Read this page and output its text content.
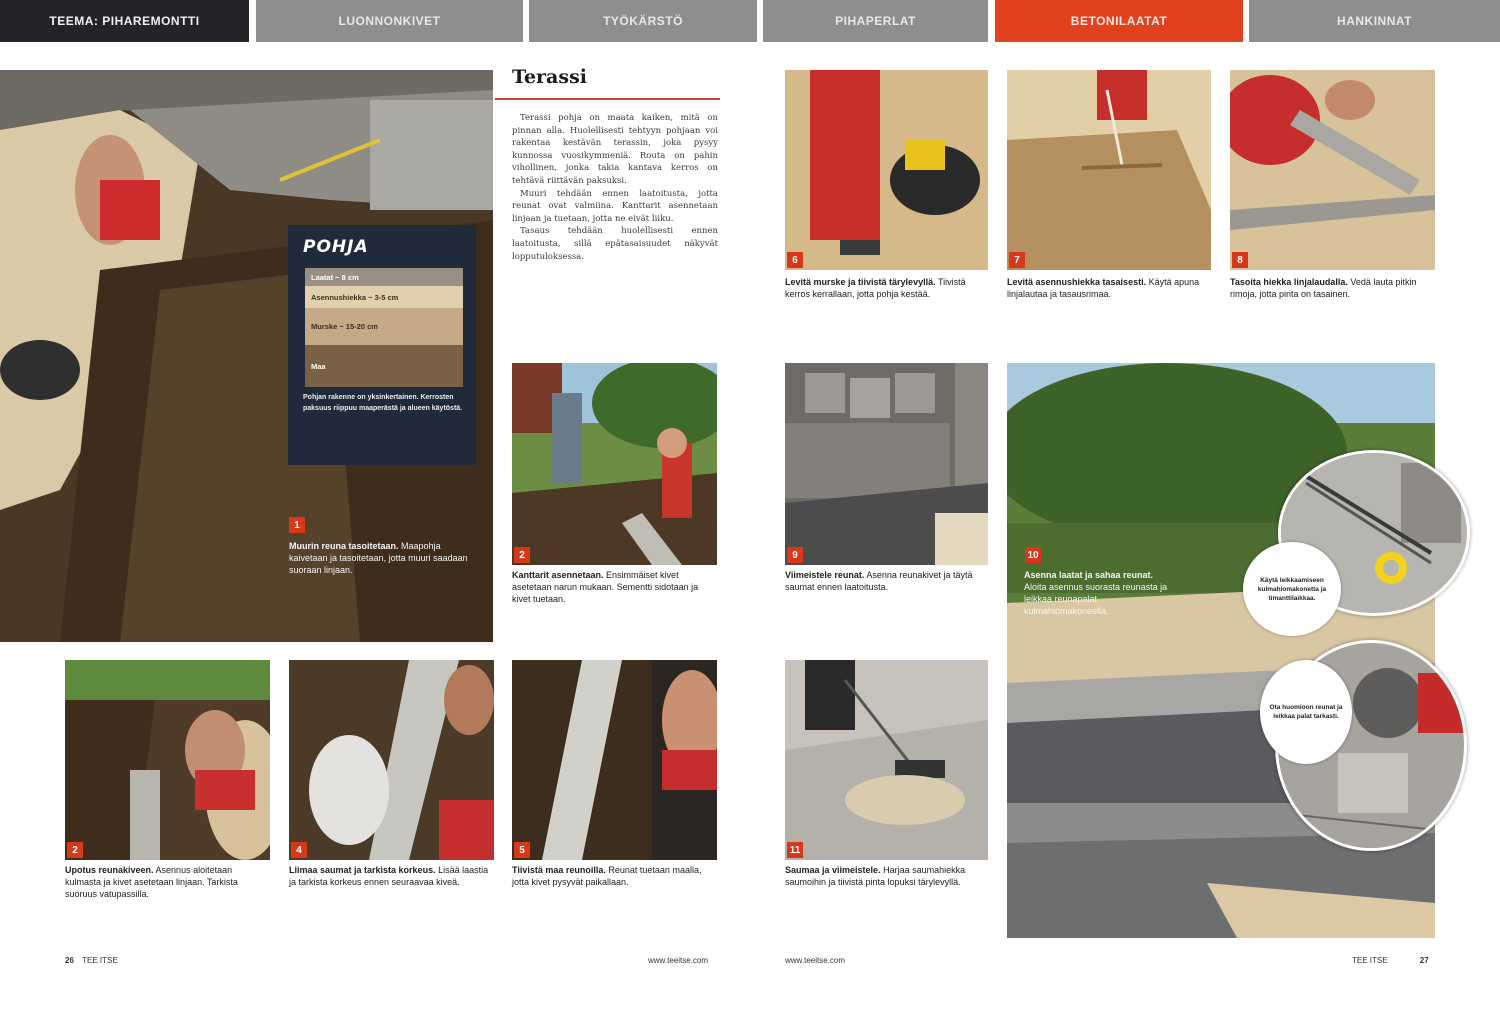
TEEMA: PIHAREMONTTI	LUONNONKIVET	TYÖKÄRSTÖ	PIHAPERLAT	BETONILAATAT	HANKINNAT
POHJA
Laatat ~ 8 cm
Asennushiekka ~ 3-5 cm
Murske ~ 15-20 cm
Maa
Pohjan rakenne on yksinkertainen. Kerrosten paksuus riippuu maaperästä ja alueen käytöstä.
1
Muurin reuna tasoitetaan. Maapohja kaivetaan ja tasoitetaan, jotta muuri saadaan suoraan linjaan.
Terassi

Terassi pohja on maata kaiken, mitä on pinnan alla. Huolellisesti tehtyyn pohjaan voi rakentaa kestävän terassin, joka pysyy kunnossa vuosikymmeniä. Routa on pahin vihollinen, jonka takia kantava kerros on tehtävä riittävän paksuksi.

Muuri tehdään ennen laatoitusta, jotta reunat ovat valmiina. Kanttarit asennetaan linjaan ja tuetaan, jotta ne eivät liiku.

Tasaus tehdään huolellisesti ennen laatoitusta, sillä epätasaisuudet näkyvät lopputuloksessa.

2
Kanttarit asennetaan. Ensimmäiset kivet asetetaan narun mukaan. Sementti sidotaan ja kivet tuetaan.
2
Upotus reunakiveen. Asennus aloitetaan kulmasta ja kivet asetetaan linjaan. Tarkista suoruus vatupassilla.
4
Liimaa saumat ja tarkista korkeus. Lisää laastia ja tarkista korkeus ennen seuraavaa kiveä.
5
Tiivistä maa reunoilla. Reunat tuetaan maalla, jotta kivet pysyvät paikallaan.
6
Levitä murske ja tiivistä tärylevyllä. Tiivistä kerros kerrallaan, jotta pohja kestää.
7
Levitä asennushiekka tasaisesti. Käytä apuna linjalautaa ja tasausrimaa.
8
Tasoita hiekka linjalaudalla. Vedä lauta pitkin rimoja, jotta pinta on tasainen.
9
Viimeistele reunat. Asenna reunakivet ja täytä saumat ennen laatoitusta.
11
Saumaa ja viimeistele. Harjaa saumahiekka saumoihin ja tiivistä pinta lopuksi tärylevyllä.
10
Asenna laatat ja sahaa reunat. Aloita asennus suorasta reunasta ja leikkaa reunapalat kulmahiomakoneella.
Käytä leikkaamiseen kulmahiomakonetta ja timanttilaikkaa.
Ota huomioon reunat ja leikkaa palat tarkasti.
26 TEE ITSE	www.teeitse.com	www.teeitse.com	TEE ITSE	27
